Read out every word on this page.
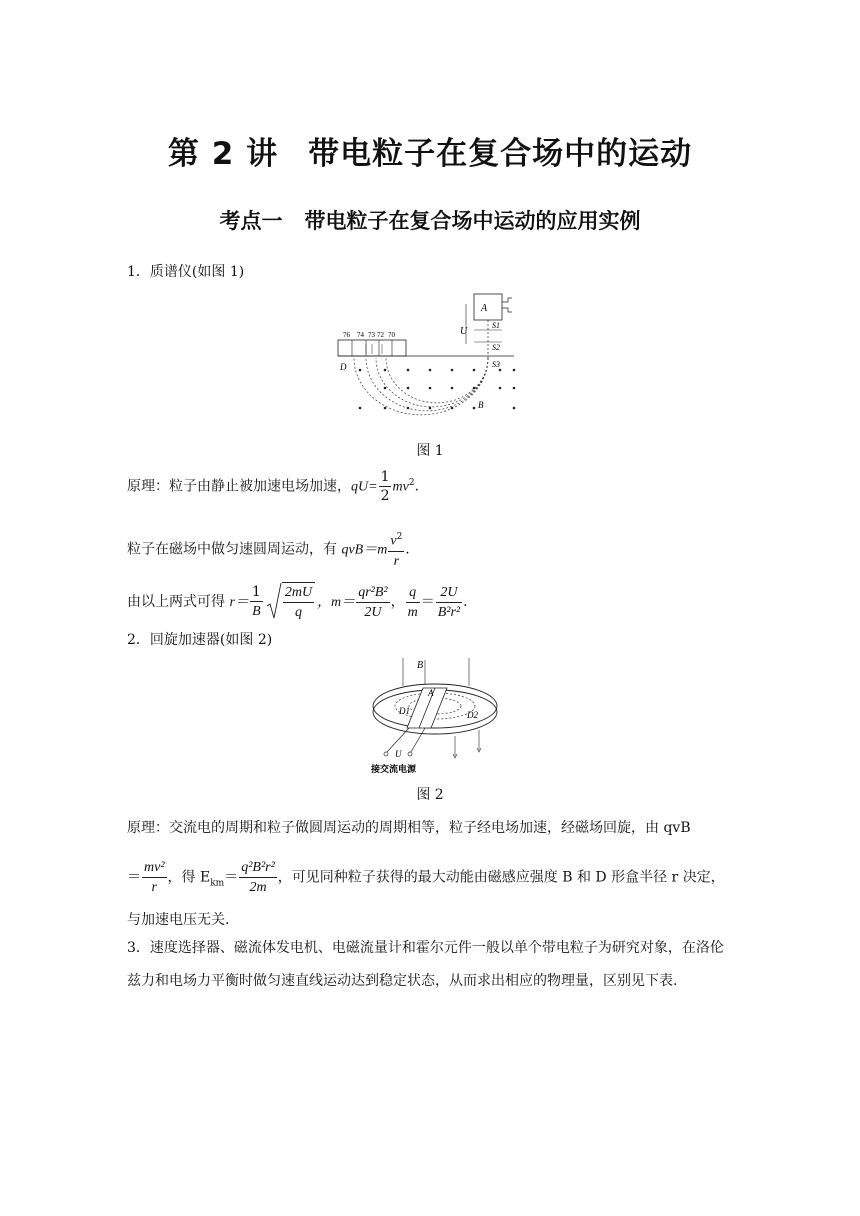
第 2 讲 带电粒子在复合场中的运动
考点一 带电粒子在复合场中运动的应用实例
1．质谱仪(如图 1)
A
S1
S2
S3
U
76 74 73 72 70
D
B
图 1
原理：粒子由静止被加速电场加速，$qU= \frac{1}{2} mv^2$.
粒子在磁场中做匀速圆周运动，有 $qvB=m \frac{v^2}{r}$ .
由以上两式可得 $r= \frac{1}{B} \frac{2mU}{q}$ ，$m= \frac{\text{qr²B²}}{2U}$ ， $\frac{q}{m} = \frac{2U}{\text{B²r²}}$ .
2．回旋加速器(如图 2)
B
A
D1	D2
U
接交流电源
图 2
原理：交流电的周期和粒子做圆周运动的周期相等，粒子经电场加速，经磁场回旋，由 qvB
＝ $\frac{\text{mv²}}{r}$ ，得 $E_{km}= \frac{\text{q²B²r²}}{2m}$ ，可见同种粒子获得的最大动能由磁感应强度 B 和 D 形盒半径 r 决定，
与加速电压无关.
3．速度选择器、磁流体发电机、电磁流量计和霍尔元件一般以单个带电粒子为研究对象，在洛伦兹力和电场力平衡时做匀速直线运动达到稳定状态，从而求出相应的物理量，区别见下表.
